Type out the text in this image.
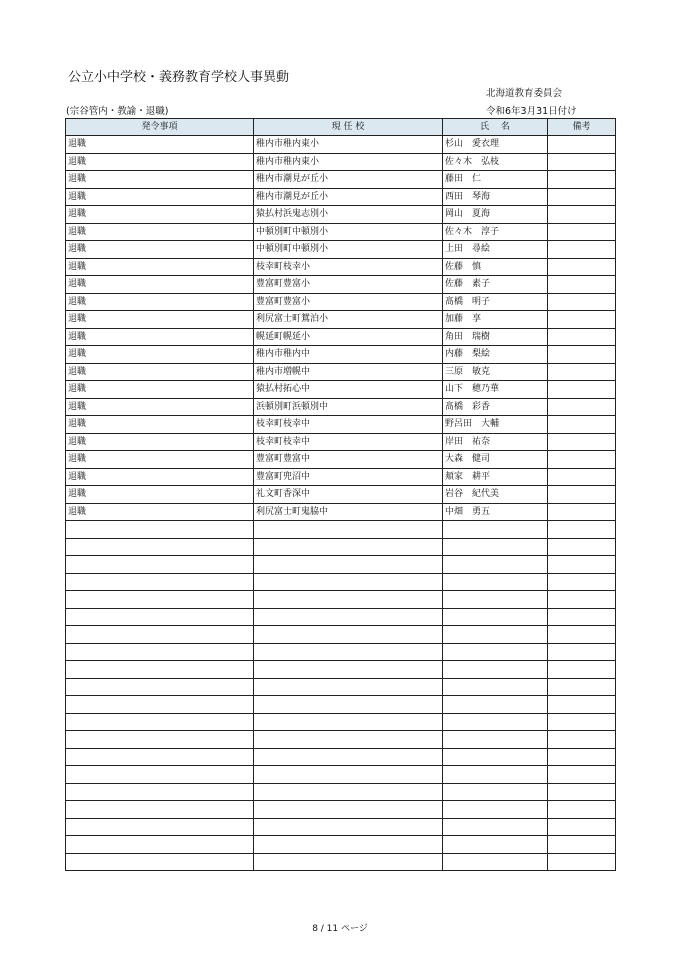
公立小中学校・義務教育学校人事異動
北海道教育委員会
(宗谷管内・教諭・退職)	令和6年3月31日付け
発令事項	現 任 校	氏　 名	備考
退職	稚内市稚内東小	杉山　愛衣理	
退職	稚内市稚内東小	佐々木　弘枝	
退職	稚内市潮見が丘小	藤田　仁	
退職	稚内市潮見が丘小	西田　琴海	
退職	猿払村浜鬼志別小	岡山　夏海	
退職	中頓別町中頓別小	佐々木　淳子	
退職	中頓別町中頓別小	上田　尋絵	
退職	枝幸町枝幸小	佐藤　慎	
退職	豊富町豊富小	佐藤　素子	
退職	豊富町豊富小	髙橋　明子	
退職	利尻富士町鴛泊小	加藤　享	
退職	幌延町幌延小	角田　瑞樹	
退職	稚内市稚内中	内藤　梨絵	
退職	稚内市増幌中	三原　敏克	
退職	猿払村拓心中	山下　穂乃華	
退職	浜頓別町浜頓別中	髙橋　彩香	
退職	枝幸町枝幸中	野呂田　大輔	
退職	枝幸町枝幸中	岸田　祐奈	
退職	豊富町豊富中	大森　健司	
退職	豊富町兜沼中	頬家　耕平	
退職	礼文町香深中	岩谷　紀代美	
退職	利尻富士町鬼脇中	中畑　勇五	

8 / 11 ページ
